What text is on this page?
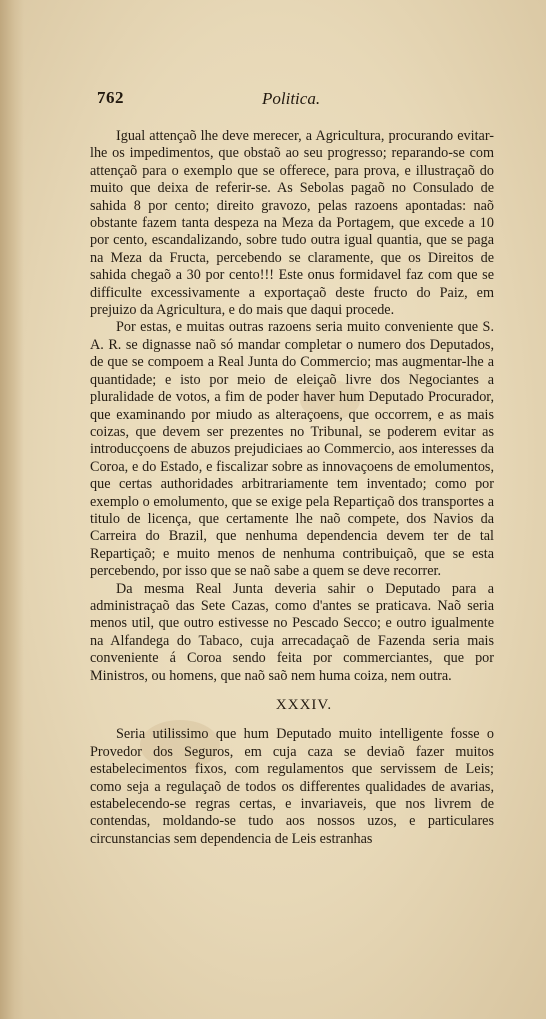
762	Politica.

Igual attençaõ lhe deve merecer, a Agricultura, procurando evitar-lhe os impedimentos, que obstaõ ao seu progresso; reparando-se com attençaõ para o exemplo que se offerece, para prova, e illustraçaõ do muito que deixa de referir-se. As Sebolas pagaõ no Consulado de sahida 8 por cento; direito gravozo, pelas razoens apontadas: naõ obstante fazem tanta despeza na Meza da Portagem, que excede a 10 por cento, escandalizando, sobre tudo outra igual quantia, que se paga na Meza da Fructa, percebendo se claramente, que os Direitos de sahida chegaõ a 30 por cento!!! Este onus formidavel faz com que se difficulte excessivamente a exportaçaõ deste fructo do Paiz, em prejuizo da Agricultura, e do mais que daqui procede.

Por estas, e muitas outras razoens seria muito conveniente que S. A. R. se dignasse naõ só mandar completar o numero dos Deputados, de que se compoem a Real Junta do Commercio; mas augmentar-lhe a quantidade; e isto por meio de eleiçaõ livre dos Negociantes a pluralidade de votos, a fim de poder haver hum Deputado Procurador, que examinando por miudo as alteraçoens, que occorrem, e as mais coizas, que devem ser prezentes no Tribunal, se poderem evitar as introducçoens de abuzos prejudiciaes ao Commercio, aos interesses da Coroa, e do Estado, e fiscalizar sobre as innovaçoens de emolumentos, que certas authoridades arbitrariamente tem inventado; como por exemplo o emolumento, que se exige pela Repartiçaõ dos transportes a titulo de licença, que certamente lhe naõ compete, dos Navios da Carreira do Brazil, que nenhuma dependencia devem ter de tal Repartiçaõ; e muito menos de nenhuma contribuiçaõ, que se esta percebendo, por isso que se naõ sabe a quem se deve recorrer.

Da mesma Real Junta deveria sahir o Deputado para a administraçaõ das Sete Cazas, como d'antes se praticava. Naõ seria menos util, que outro estivesse no Pescado Secco; e outro igualmente na Alfandega do Tabaco, cuja arrecadaçaõ de Fazenda seria mais conveniente á Coroa sendo feita por commerciantes, que por Ministros, ou homens, que naõ saõ nem huma coiza, nem outra.

XXXIV.

Seria utilissimo que hum Deputado muito intelligente fosse o Provedor dos Seguros, em cuja caza se deviaõ fazer muitos estabelecimentos fixos, com regulamentos que servissem de Leis; como seja a regulaçaõ de todos os differentes qualidades de avarias, estabelecendo-se regras certas, e invariaveis, que nos livrem de contendas, moldando-se tudo aos nossos uzos, e particulares circunstancias sem dependencia de Leis estranhas
